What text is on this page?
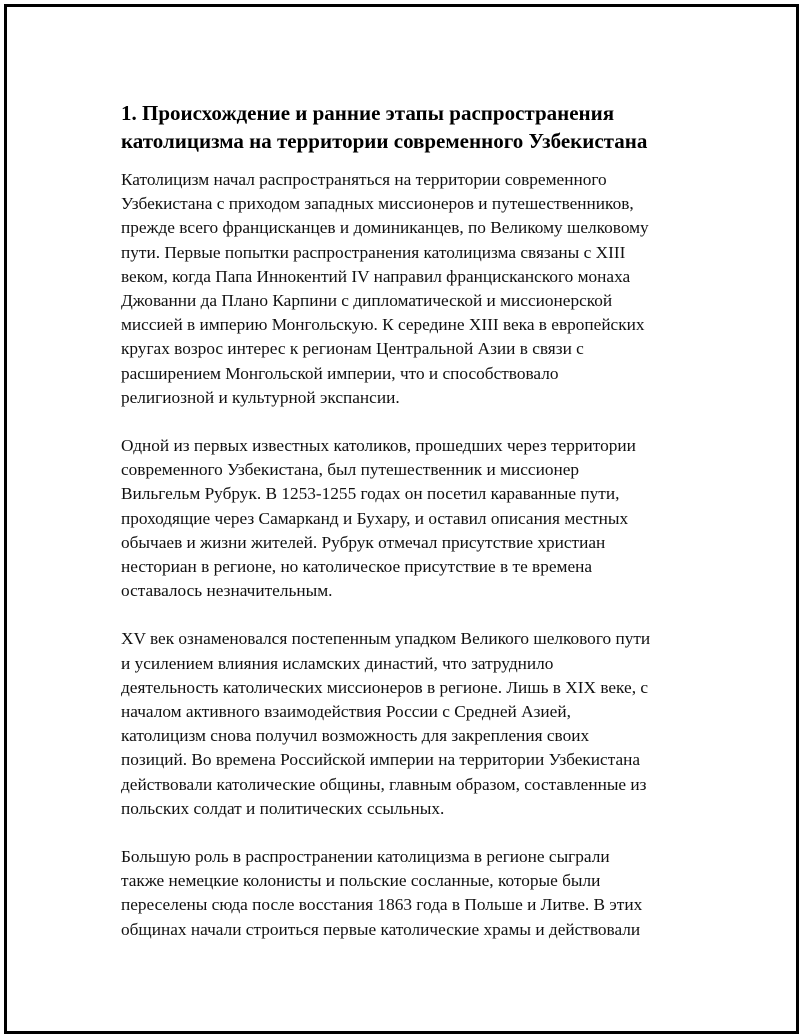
1. Происхождение и ранние этапы распространения
католицизма на территории современного Узбекистана

Католицизм начал распространяться на территории современного
Узбекистана с приходом западных миссионеров и путешественников,
прежде всего францисканцев и доминиканцев, по Великому шелковому
пути. Первые попытки распространения католицизма связаны с XIII
веком, когда Папа Иннокентий IV направил францисканского монаха
Джованни да Плано Карпини с дипломатической и миссионерской
миссией в империю Монгольскую. К середине XIII века в европейских
кругах возрос интерес к регионам Центральной Азии в связи с
расширением Монгольской империи, что и способствовало
религиозной и культурной экспансии.

Одной из первых известных католиков, прошедших через территории
современного Узбекистана, был путешественник и миссионер
Вильгельм Рубрук. В 1253-1255 годах он посетил караванные пути,
проходящие через Самарканд и Бухару, и оставил описания местных
обычаев и жизни жителей. Рубрук отмечал присутствие христиан
несториан в регионе, но католическое присутствие в те времена
оставалось незначительным.

XV век ознаменовался постепенным упадком Великого шелкового пути
и усилением влияния исламских династий, что затруднило
деятельность католических миссионеров в регионе. Лишь в XIX веке, с
началом активного взаимодействия России с Средней Азией,
католицизм снова получил возможность для закрепления своих
позиций. Во времена Российской империи на территории Узбекистана
действовали католические общины, главным образом, составленные из
польских солдат и политических ссыльных.

Большую роль в распространении католицизма в регионе сыграли
также немецкие колонисты и польские сосланные, которые были
переселены сюда после восстания 1863 года в Польше и Литве. В этих
общинах начали строиться первые католические храмы и действовали
